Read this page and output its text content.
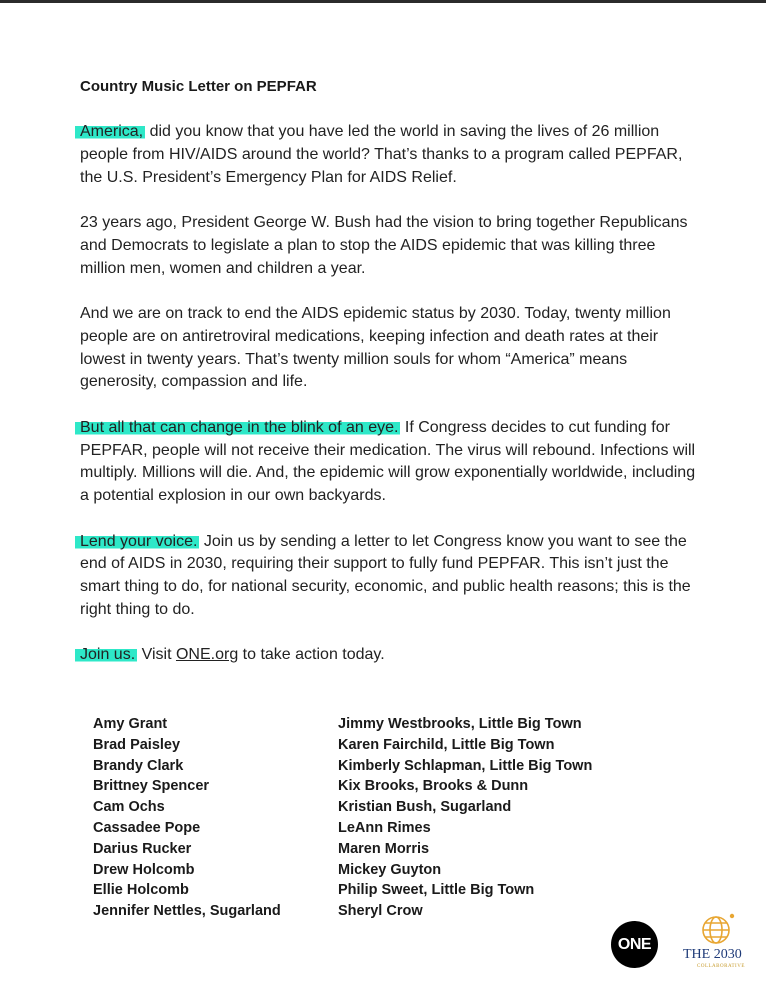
Country Music Letter on PEPFAR

America, did you know that you have led the world in saving the lives of 26 million people from HIV/AIDS around the world? That’s thanks to a program called PEPFAR, the U.S. President’s Emergency Plan for AIDS Relief.

23 years ago, President George W. Bush had the vision to bring together Republicans and Democrats to legislate a plan to stop the AIDS epidemic that was killing three million men, women and children a year.

And we are on track to end the AIDS epidemic status by 2030. Today, twenty million people are on antiretroviral medications, keeping infection and death rates at their lowest in twenty years. That’s twenty million souls for whom “America” means generosity, compassion and life.

But all that can change in the blink of an eye. If Congress decides to cut funding for PEPFAR, people will not receive their medication. The virus will rebound. Infections will multiply. Millions will die. And, the epidemic will grow exponentially worldwide, including a potential explosion in our own backyards.

Lend your voice. Join us by sending a letter to let Congress know you want to see the end of AIDS in 2030, requiring their support to fully fund PEPFAR. This isn’t just the smart thing to do, for national security, economic, and public health reasons; this is the right thing to do.

Join us. Visit ONE.org to take action today.

Amy Grant
Brad Paisley
Brandy Clark
Brittney Spencer
Cam Ochs
Cassadee Pope
Darius Rucker
Drew Holcomb
Ellie Holcomb
Jennifer Nettles, Sugarland
Jimmy Westbrooks, Little Big Town
Karen Fairchild, Little Big Town
Kimberly Schlapman, Little Big Town
Kix Brooks, Brooks & Dunn
Kristian Bush, Sugarland
LeAnn Rimes
Maren Morris
Mickey Guyton
Philip Sweet, Little Big Town
Sheryl Crow
ONE
THE 2030
COLLABORATIVE
